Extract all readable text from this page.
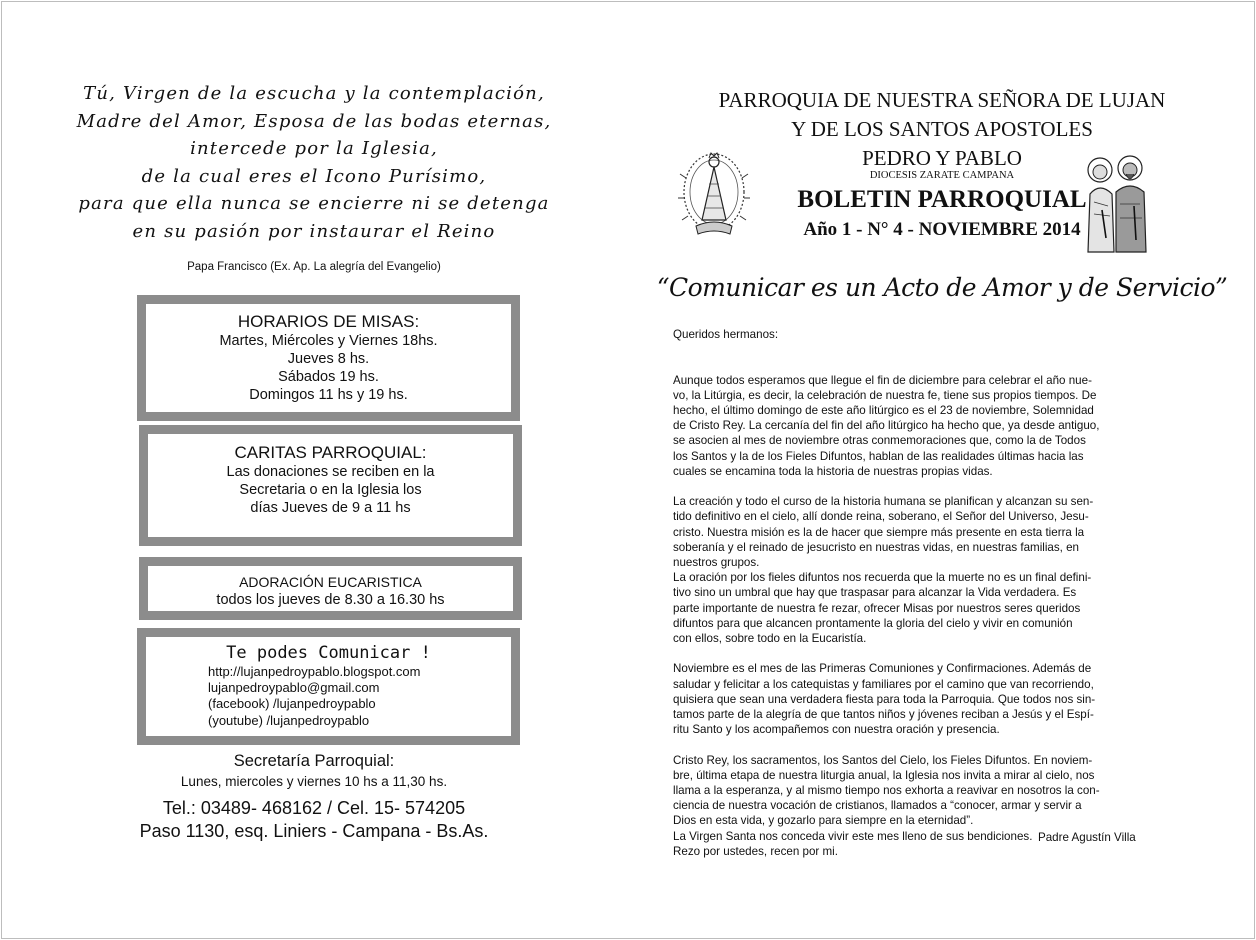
Tú, Virgen de la escucha y la contemplación,
Madre del Amor, Esposa de las bodas eternas,
intercede por la Iglesia,
de la cual eres el Icono Purísimo,
para que ella nunca se encierre ni se detenga
en su pasión por instaurar el Reino
Papa Francisco (Ex. Ap. La alegría del Evangelio)
HORARIOS DE MISAS:
Martes, Miércoles y Viernes 18hs.
Jueves 8 hs.
Sábados 19 hs.
Domingos 11 hs y 19 hs.
CARITAS PARROQUIAL:
Las donaciones se reciben en la
Secretaria o en la Iglesia los
días Jueves de 9 a 11 hs
ADORACIÓN EUCARISTICA
todos los jueves de 8.30 a 16.30 hs
Te podes Comunicar !
http://lujanpedroypablo.blogspot.com
lujanpedroypablo@gmail.com
(facebook) /lujanpedroypablo
(youtube) /lujanpedroypablo
Secretaría Parroquial:
Lunes, miercoles y viernes 10 hs a 11,30 hs.
Tel.: 03489- 468162 / Cel. 15- 574205
Paso 1130, esq. Liniers - Campana - Bs.As.
PARROQUIA DE NUESTRA SEÑORA DE LUJAN
Y DE LOS SANTOS APOSTOLES
PEDRO Y PABLO
DIOCESIS ZARATE CAMPANA
BOLETIN PARROQUIAL
Año 1 - N° 4 - NOVIEMBRE 2014
“Comunicar es un Acto de Amor y de Servicio”

Queridos hermanos:

Aunque todos esperamos que llegue el fin de diciembre para celebrar el año nue-

vo, la Litúrgia, es decir, la celebración de nuestra fe, tiene sus propios tiempos. De

hecho, el último domingo de este año litúrgico es el 23 de noviembre, Solemnidad

de Cristo Rey. La cercanía del fin del año litúrgico ha hecho que, ya desde antiguo,

se asocien al mes de noviembre otras conmemoraciones que, como la de Todos

los Santos y la de los Fieles Difuntos, hablan de las realidades últimas hacia las

cuales se encamina toda la historia de nuestras propias vidas.

La creación y todo el curso de la historia humana se planifican y alcanzan su sen-

tido definitivo en el cielo, allí donde reina, soberano, el Señor del Universo, Jesu-

cristo. Nuestra misión es la de hacer que siempre más presente en esta tierra la

soberanía y el reinado de jesucristo en nuestras vidas, en nuestras familias, en

nuestros grupos.

La oración por los fieles difuntos nos recuerda que la muerte no es un final defini-

tivo sino un umbral que hay que traspasar para alcanzar la Vida verdadera. Es

parte importante de nuestra fe rezar, ofrecer Misas por nuestros seres queridos

difuntos para que alcancen prontamente la gloria del cielo y vivir en comunión

con ellos, sobre todo en la Eucaristía.

Noviembre es el mes de las Primeras Comuniones y Confirmaciones. Además de

saludar y felicitar a los catequistas y familiares por el camino que van recorriendo,

quisiera que sean una verdadera fiesta para toda la Parroquia. Que todos nos sin-

tamos parte de la alegría de que tantos niños y jóvenes reciban a Jesús y el Espí-

ritu Santo y los acompañemos con nuestra oración y presencia.

Cristo Rey, los sacramentos, los Santos del Cielo, los Fieles Difuntos. En noviem-

bre, última etapa de nuestra liturgia anual, la Iglesia nos invita a mirar al cielo, nos

llama a la esperanza, y al mismo tiempo nos exhorta a reavivar en nosotros la con-

ciencia de nuestra vocación de cristianos, llamados a “conocer, armar y servir a

Dios en esta vida, y gozarlo para siempre en la eternidad”.

La Virgen Santa nos conceda vivir este mes lleno de sus bendiciones.

Rezo por ustedes, recen por mi.

Padre Agustín Villa
